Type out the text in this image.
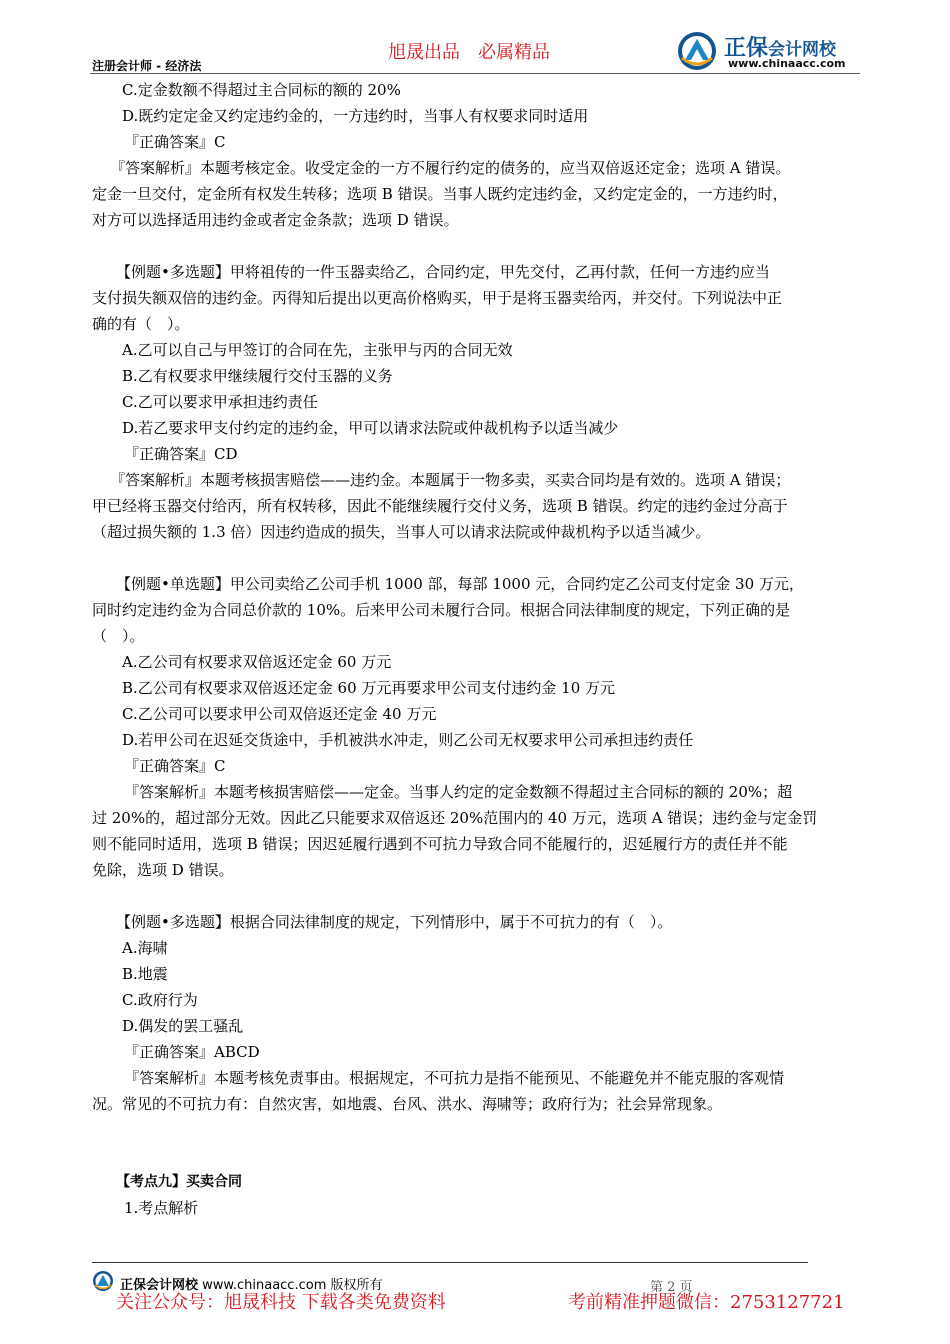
注册会计师 - 经济法
旭晟出品　必属精品	正保会计网校
www.chinaacc.com
C.定金数额不得超过主合同标的额的 20%
D.既约定定金又约定违约金的，一方违约时，当事人有权要求同时适用
『正确答案』C
『答案解析』本题考核定金。收受定金的一方不履行约定的债务的，应当双倍返还定金；选项 A 错误。
定金一旦交付，定金所有权发生转移；选项 B 错误。当事人既约定违约金，又约定定金的，一方违约时，
对方可以选择适用违约金或者定金条款；选项 D 错误。
【例题•多选题】甲将祖传的一件玉器卖给乙，合同约定，甲先交付，乙再付款，任何一方违约应当
支付损失额双倍的违约金。丙得知后提出以更高价格购买，甲于是将玉器卖给丙，并交付。下列说法中正
确的有（　）。
A.乙可以自己与甲签订的合同在先，主张甲与丙的合同无效
B.乙有权要求甲继续履行交付玉器的义务
C.乙可以要求甲承担违约责任
D.若乙要求甲支付约定的违约金，甲可以请求法院或仲裁机构予以适当减少
『正确答案』CD
『答案解析』本题考核损害赔偿——违约金。本题属于一物多卖，买卖合同均是有效的。选项 A 错误；
甲已经将玉器交付给丙，所有权转移，因此不能继续履行交付义务，选项 B 错误。约定的违约金过分高于
（超过损失额的 1.3 倍）因违约造成的损失，当事人可以请求法院或仲裁机构予以适当减少。
【例题•单选题】甲公司卖给乙公司手机 1000 部，每部 1000 元，合同约定乙公司支付定金 30 万元，
同时约定违约金为合同总价款的 10%。后来甲公司未履行合同。根据合同法律制度的规定，下列正确的是
（　）。
A.乙公司有权要求双倍返还定金 60 万元
B.乙公司有权要求双倍返还定金 60 万元再要求甲公司支付违约金 10 万元
C.乙公司可以要求甲公司双倍返还定金 40 万元
D.若甲公司在迟延交货途中，手机被洪水冲走，则乙公司无权要求甲公司承担违约责任
『正确答案』C
『答案解析』本题考核损害赔偿——定金。当事人约定的定金数额不得超过主合同标的额的 20%；超
过 20%的，超过部分无效。因此乙只能要求双倍返还 20%范围内的 40 万元，选项 A 错误；违约金与定金罚
则不能同时适用，选项 B 错误；因迟延履行遇到不可抗力导致合同不能履行的，迟延履行方的责任并不能
免除，选项 D 错误。
【例题•多选题】根据合同法律制度的规定，下列情形中，属于不可抗力的有（　）。
A.海啸
B.地震
C.政府行为
D.偶发的罢工骚乱
『正确答案』ABCD
『答案解析』本题考核免责事由。根据规定，不可抗力是指不能预见、不能避免并不能克服的客观情
况。常见的不可抗力有：自然灾害，如地震、台风、洪水、海啸等；政府行为；社会异常现象。
【考点九】买卖合同
1.考点解析
正保会计网校 www.chinaacc.com 版权所有	第 2 页
关注公众号：旭晟科技 下载各类免费资料	考前精准押题微信：2753127721
